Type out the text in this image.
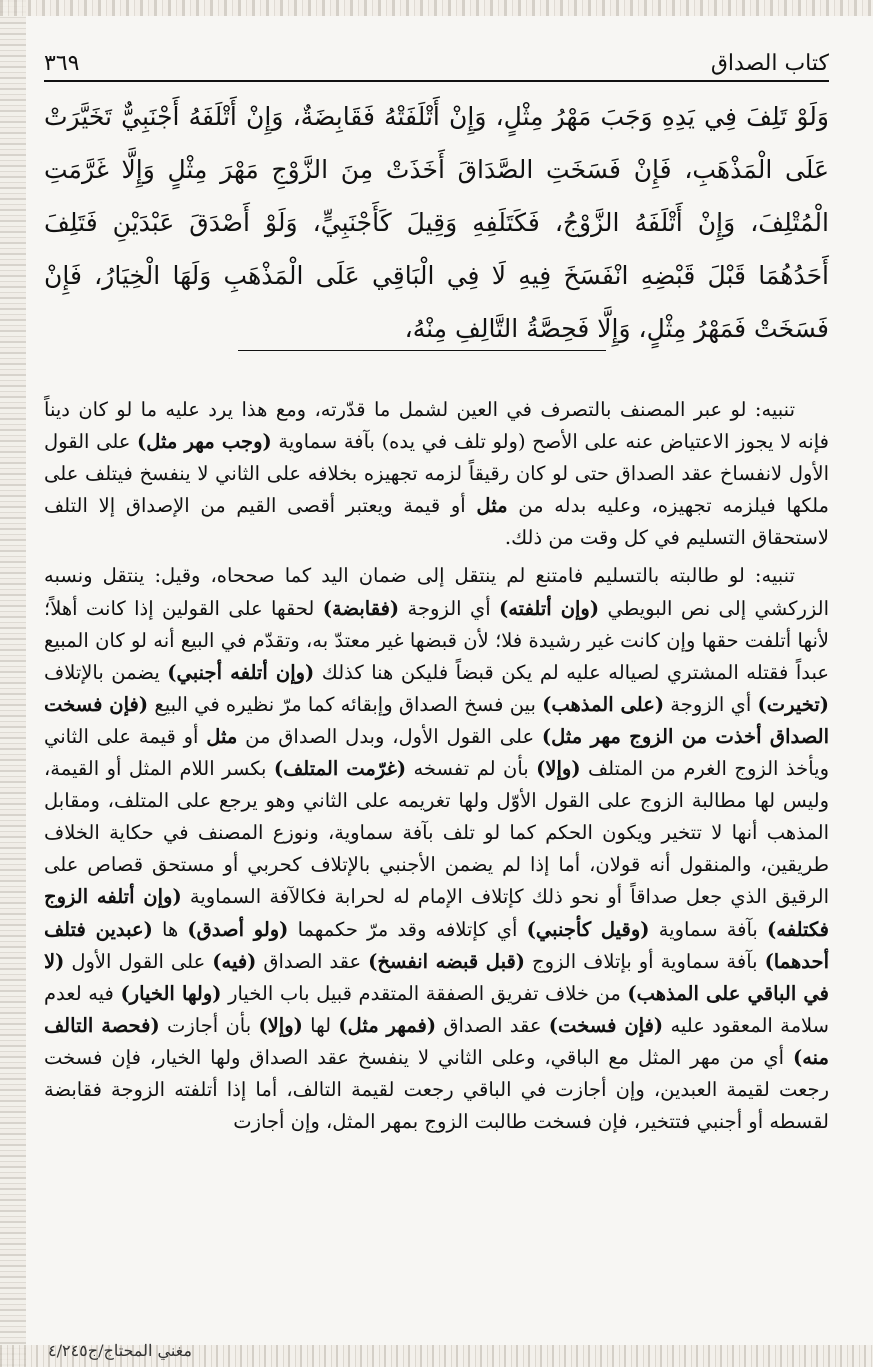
كتاب الصداق
٣٦٩

وَلَوْ تَلِفَ فِي يَدِهِ وَجَبَ مَهْرُ مِثْلٍ، وَإِنْ أَتْلَفَتْهُ فَقَابِضَةٌ، وَإِنْ أَتْلَفَهُ أَجْنَبِيٌّ تَخَيَّرَتْ عَلَى الْمَذْهَبِ، فَإِنْ فَسَخَتِ الصَّدَاقَ أَخَذَتْ مِنَ الزَّوْجِ مَهْرَ مِثْلٍ وَإِلَّا غَرَّمَتِ الْمُتْلِفَ، وَإِنْ أَتْلَفَهُ الزَّوْجُ، فَكَتَلَفِهِ وَقِيلَ كَأَجْنَبِيٍّ، وَلَوْ أَصْدَقَ عَبْدَيْنِ فَتَلِفَ أَحَدُهُمَا قَبْلَ قَبْضِهِ انْفَسَخَ فِيهِ لَا فِي الْبَاقِي عَلَى الْمَذْهَبِ وَلَهَا الْخِيَارُ، فَإِنْ فَسَخَتْ فَمَهْرُ مِثْلٍ، وَإِلَّا فَحِصَّةُ التَّالِفِ مِنْهُ،

تنبيه: لو عبر المصنف بالتصرف في العين لشمل ما قدّرته، ومع هذا يرد عليه ما لو كان ديناً فإنه لا يجوز الاعتياض عنه على الأصح (ولو تلف في يده) بآفة سماوية (وجب مهر مثل) على القول الأول لانفساخ عقد الصداق حتى لو كان رقيقاً لزمه تجهيزه بخلافه على الثاني لا ينفسخ فيتلف على ملكها فيلزمه تجهيزه، وعليه بدله من مثل أو قيمة ويعتبر أقصى القيم من الإصداق إلا التلف لاستحقاق التسليم في كل وقت من ذلك.

تنبيه: لو طالبته بالتسليم فامتنع لم ينتقل إلى ضمان اليد كما صححاه، وقيل: ينتقل ونسبه الزركشي إلى نص البويطي (وإن أتلفته) أي الزوجة (فقابضة) لحقها على القولين إذا كانت أهلاً؛ لأنها أتلفت حقها وإن كانت غير رشيدة فلا؛ لأن قبضها غير معتدّ به، وتقدّم في البيع أنه لو كان المبيع عبداً فقتله المشتري لصياله عليه لم يكن قبضاً فليكن هنا كذلك (وإن أتلفه أجنبي) يضمن بالإتلاف (تخيرت) أي الزوجة (على المذهب) بين فسخ الصداق وإبقائه كما مرّ نظيره في البيع (فإن فسخت الصداق أخذت من الزوج مهر مثل) على القول الأول، وبدل الصداق من مثل أو قيمة على الثاني ويأخذ الزوج الغرم من المتلف (وإلا) بأن لم تفسخه (غرّمت المتلف) بكسر اللام المثل أو القيمة، وليس لها مطالبة الزوج على القول الأوّل ولها تغريمه على الثاني وهو يرجع على المتلف، ومقابل المذهب أنها لا تتخير ويكون الحكم كما لو تلف بآفة سماوية، ونوزع المصنف في حكاية الخلاف طريقين، والمنقول أنه قولان، أما إذا لم يضمن الأجنبي بالإتلاف كحربي أو مستحق قصاص على الرقيق الذي جعل صداقاً أو نحو ذلك كإتلاف الإمام له لحرابة فكالآفة السماوية (وإن أتلفه الزوج فكتلفه) بآفة سماوية (وقيل كأجنبي) أي كإتلافه وقد مرّ حكمهما (ولو أصدق) ها (عبدين فتلف أحدهما) بآفة سماوية أو بإتلاف الزوج (قبل قبضه انفسخ) عقد الصداق (فيه) على القول الأول (لا في الباقي على المذهب) من خلاف تفريق الصفقة المتقدم قبيل باب الخيار (ولها الخيار) فيه لعدم سلامة المعقود عليه (فإن فسخت) عقد الصداق (فمهر مثل) لها (وإلا) بأن أجازت (فحصة التالف منه) أي من مهر المثل مع الباقي، وعلى الثاني لا ينفسخ عقد الصداق ولها الخيار، فإن فسخت رجعت لقيمة العبدين، وإن أجازت في الباقي رجعت لقيمة التالف، أما إذا أتلفته الزوجة فقابضة لقسطه أو أجنبي فتتخير، فإن فسخت طالبت الزوج بمهر المثل، وإن أجازت

مغني المحتاج/ج٤/٢٤٥
